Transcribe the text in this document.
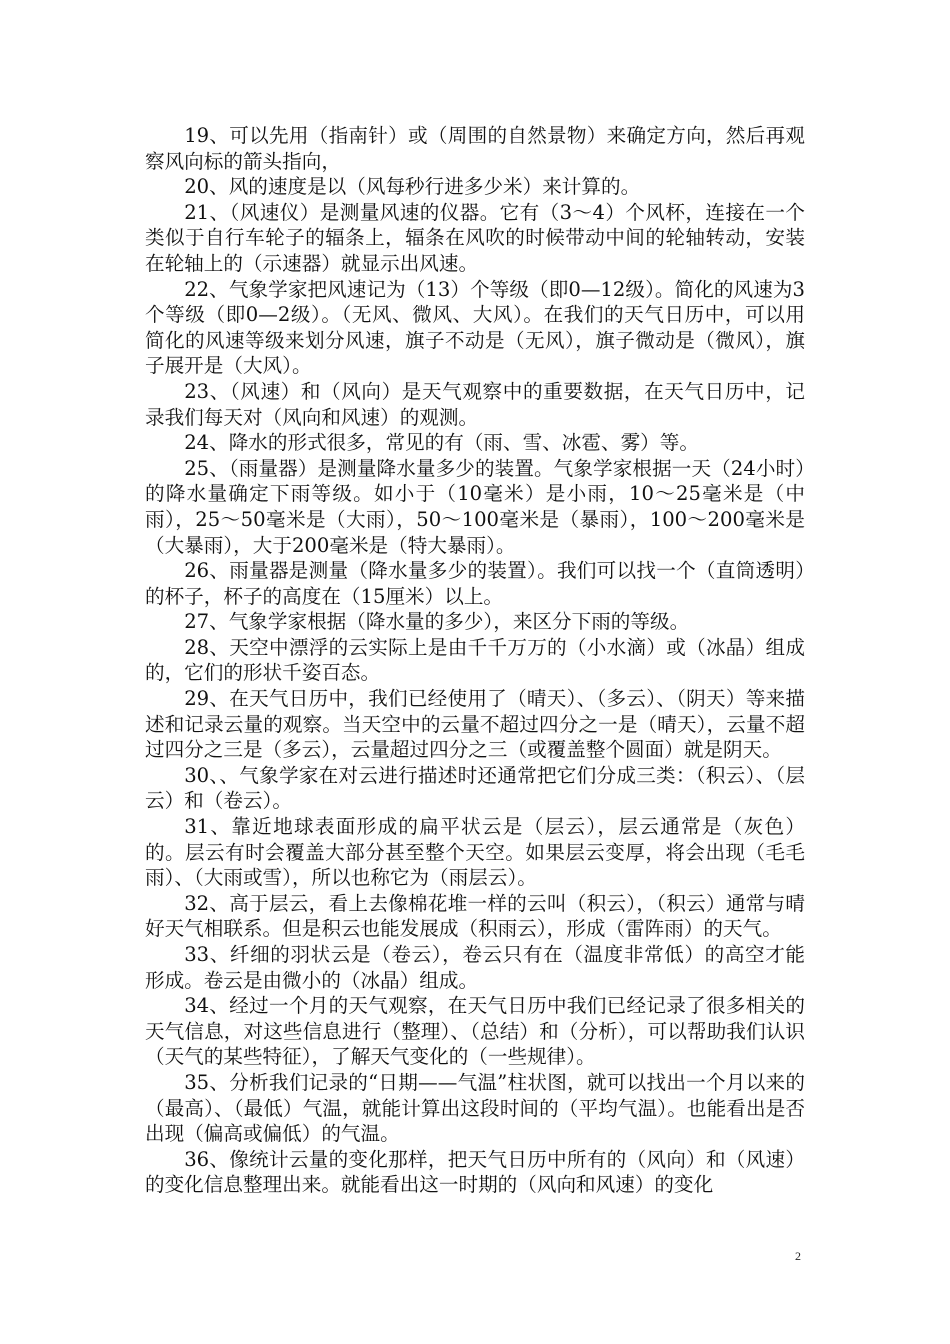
19、可以先用（指南针）或（周围的自然景物）来确定方向，然后再观察风向标的箭头指向，

20、风的速度是以（风每秒行进多少米）来计算的。

21、（风速仪）是测量风速的仪器。它有（3～4）个风杯，连接在一个类似于自行车轮子的辐条上，辐条在风吹的时候带动中间的轮轴转动，安装在轮轴上的（示速器）就显示出风速。

22、气象学家把风速记为（13）个等级（即0—12级）。简化的风速为3个等级（即0—2级）。（无风、微风、大风）。在我们的天气日历中，可以用简化的风速等级来划分风速，旗子不动是（无风），旗子微动是（微风），旗子展开是（大风）。

23、（风速）和（风向）是天气观察中的重要数据，在天气日历中，记录我们每天对（风向和风速）的观测。

24、降水的形式很多，常见的有（雨、雪、冰雹、雾）等。

25、（雨量器）是测量降水量多少的装置。气象学家根据一天（24小时）的降水量确定下雨等级。如小于（10毫米）是小雨，10～25毫米是（中雨），25～50毫米是（大雨），50～100毫米是（暴雨），100～200毫米是（大暴雨），大于200毫米是（特大暴雨）。

26、雨量器是测量（降水量多少的装置）。我们可以找一个（直筒透明）的杯子，杯子的高度在（15厘米）以上。

27、气象学家根据（降水量的多少），来区分下雨的等级。

28、天空中漂浮的云实际上是由千千万万的（小水滴）或（冰晶）组成的，它们的形状千姿百态。

29、在天气日历中，我们已经使用了（晴天）、（多云）、（阴天）等来描述和记录云量的观察。当天空中的云量不超过四分之一是（晴天），云量不超过四分之三是（多云），云量超过四分之三（或覆盖整个圆面）就是阴天。

30、、气象学家在对云进行描述时还通常把它们分成三类：（积云）、（层云）和（卷云）。

31、靠近地球表面形成的扁平状云是（层云），层云通常是（灰色）的。层云有时会覆盖大部分甚至整个天空。如果层云变厚，将会出现（毛毛雨）、（大雨或雪），所以也称它为（雨层云）。

32、高于层云，看上去像棉花堆一样的云叫（积云），（积云）通常与晴好天气相联系。但是积云也能发展成（积雨云），形成（雷阵雨）的天气。

33、纤细的羽状云是（卷云），卷云只有在（温度非常低）的高空才能形成。卷云是由微小的（冰晶）组成。

34、经过一个月的天气观察，在天气日历中我们已经记录了很多相关的天气信息，对这些信息进行（整理）、（总结）和（分析），可以帮助我们认识（天气的某些特征），了解天气变化的（一些规律）。

35、分析我们记录的“日期——气温”柱状图，就可以找出一个月以来的（最高）、（最低）气温，就能计算出这段时间的（平均气温）。也能看出是否出现（偏高或偏低）的气温。

36、像统计云量的变化那样，把天气日历中所有的（风向）和（风速）的变化信息整理出来。就能看出这一时期的（风向和风速）的变化

2
